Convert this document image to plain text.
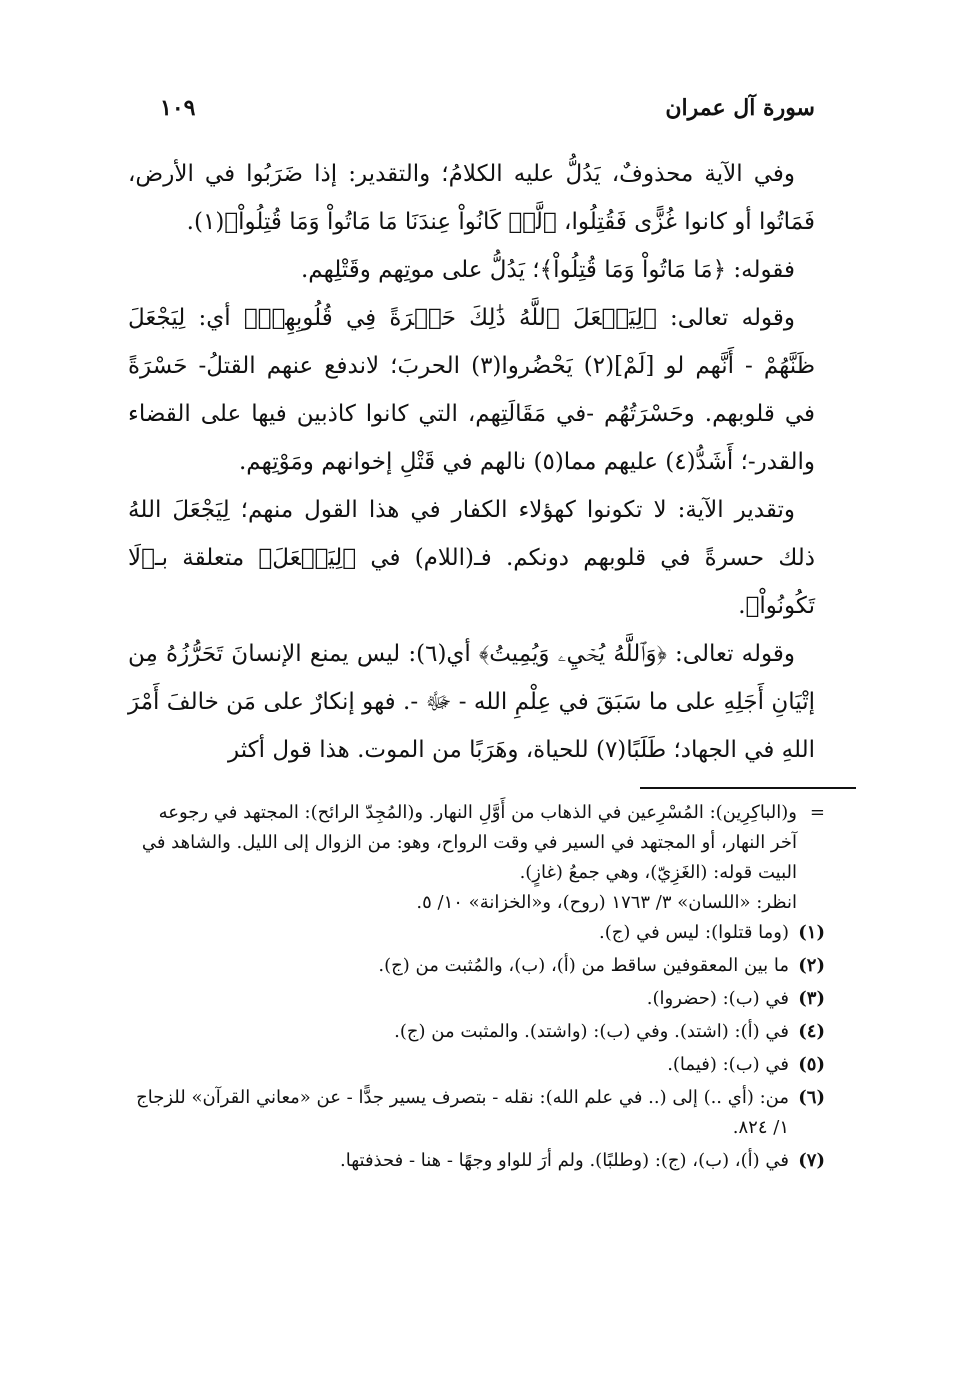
سورة آل عمران
١٠٩

وفي الآية محذوفٌ، يَدُلُّ عليه الكلامُ؛ والتقدير: إذا ضَرَبُوا في الأرض، فَمَاتُوا أو كانوا غُزًّى فَقُتِلُوا، ﴿لَّوۡ كَانُواْ عِندَنَا مَا مَاتُواْ وَمَا قُتِلُواْ﴾(١).

فقوله: ﴿مَا مَاتُواْ وَمَا قُتِلُواْ﴾؛ يَدُلُّ على موتِهم وقَتْلِهم.

وقوله تعالى: ﴿لِيَجۡعَلَ ٱللَّهُ ذَٰلِكَ حَسۡرَةً فِي قُلُوبِهِمۡ﴾ أي: لِيَجْعَلَ ظَنَّهُمْ - أَنَّهم لو [لَمْ](٢) يَحْضُروا(٣) الحربَ؛ لاندفع عنهم القتلُ- حَسْرَةً في قلوبهم. وحَسْرَتُهُم -في مَقَالَتِهم، التي كانوا كاذبين فيها على القضاء والقدر-؛ أَشَدُّ(٤) عليهم مما(٥) نالهم في قَتْلِ إخوانهم ومَوْتِهم.

وتقدير الآية: لا تكونوا كهؤلاء الكفار في هذا القول منهم؛ لِيَجْعَلَ اللهُ ذلك حسرةً في قلوبهم دونكم. فـ(اللام) في ﴿لِيَجۡعَلَ﴾ متعلقة بـ﴿لَا تَكُونُواْ﴾.

وقوله تعالى: ﴿وَٱللَّهُ يُحۡيِۦ وَيُمِيتُ﴾ أي(٦): ليس يمنع الإنسانَ تَحَرُّزُهُ مِن إتْيَانِ أَجَلِهِ على ما سَبَقَ في عِلْمِ الله - ﷻ -. فهو إنكارٌ على مَن خالفَ أَمْرَ اللهِ في الجهاد؛ طَلَبًا(٧) للحياة، وهَرَبًا من الموت. هذا قول أكثر

=

و(الباكِرِين): المُسْرِعين في الذهاب من أَوَّلِ النهار. و(المُجِدّ الرائح): المجتهد في رجوعه آخر النهار، أو المجتهد في السير في وقت الرواح، وهو: من الزوال إلى الليل. والشاهد في البيت قوله: (الغَزِيّ)، وهي جمعُ (غازٍ).

انظر: «اللسان» ٣/ ١٧٦٣ (روح)، و«الخزانة» ١٠/ ٥.

(١)
(وما قتلوا): ليس في (ج).
(٢)
ما بين المعقوفين ساقط من (أ)، (ب)، والمُثبت من (ج).
(٣)
في (ب): (حضروا).
(٤)
في (أ): (اشتد). وفي (ب): (واشتد). والمثبت من (ج).
(٥)
في (ب): (فيما).
(٦)
من: (أي ..) إلى (.. في علم الله): نقله - بتصرف يسير جدًّا - عن «معاني القرآن» للزجاج ١/ ٨٢٤.
(٧)
في (أ)، (ب)، (ج): (وطلبًا). ولم أرَ للواو وجهًا - هنا - فحذفتها.
